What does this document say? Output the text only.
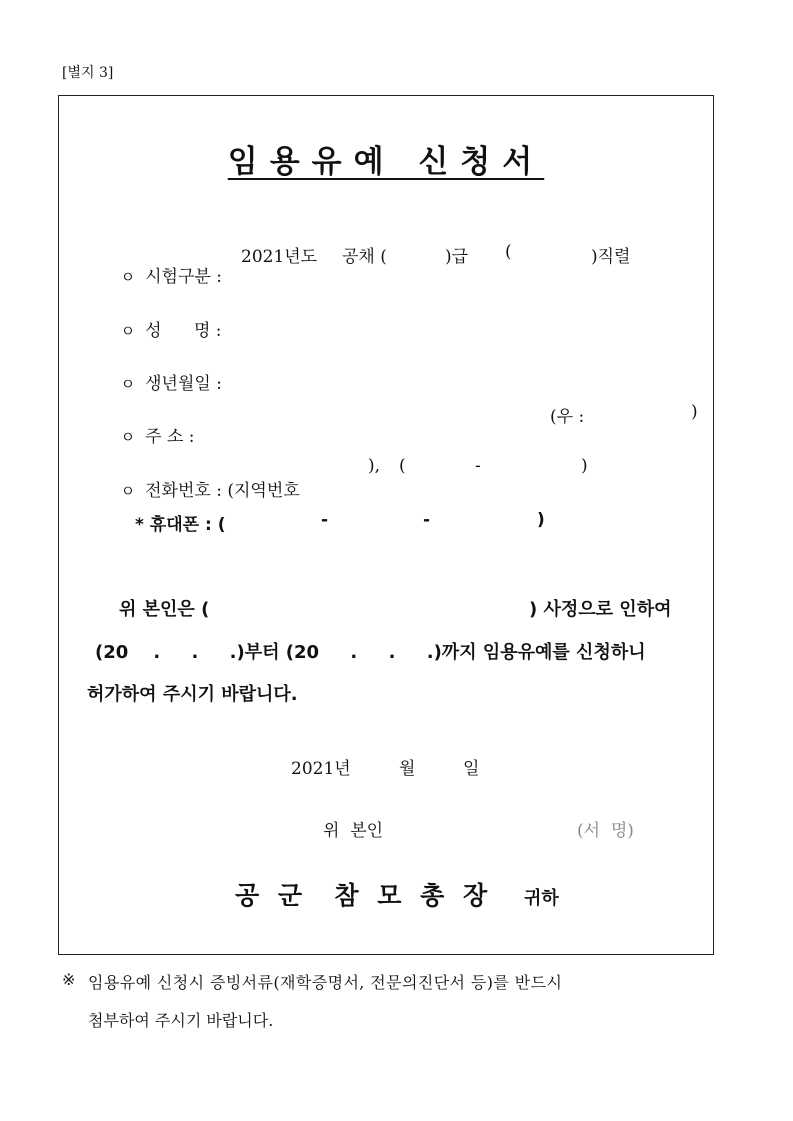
[별지 3]
임용유예 신청서

ㅇ 시험구분 :

2021년도 공채 (	)급 (	)직렬

ㅇ 성      명 :

ㅇ 생년월일 :

ㅇ 주 소 :

(우 :	)

ㅇ 전화번호 : (지역번호

), (	-	)
* 휴대폰 : (	-	-	)
위 본인은 (	) 사정으로 인하여
(20    .     .     .)부터 (20     .     .     .)까지 임용유예를 신청하니
허가하여 주시기 바랍니다.
2021년	월	일
위  본인	(서  명)
공 군  참 모 총 장 귀하
※ 임용유예 신청시 증빙서류(재학증명서, 전문의진단서 등)를 반드시
첨부하여 주시기 바랍니다.
